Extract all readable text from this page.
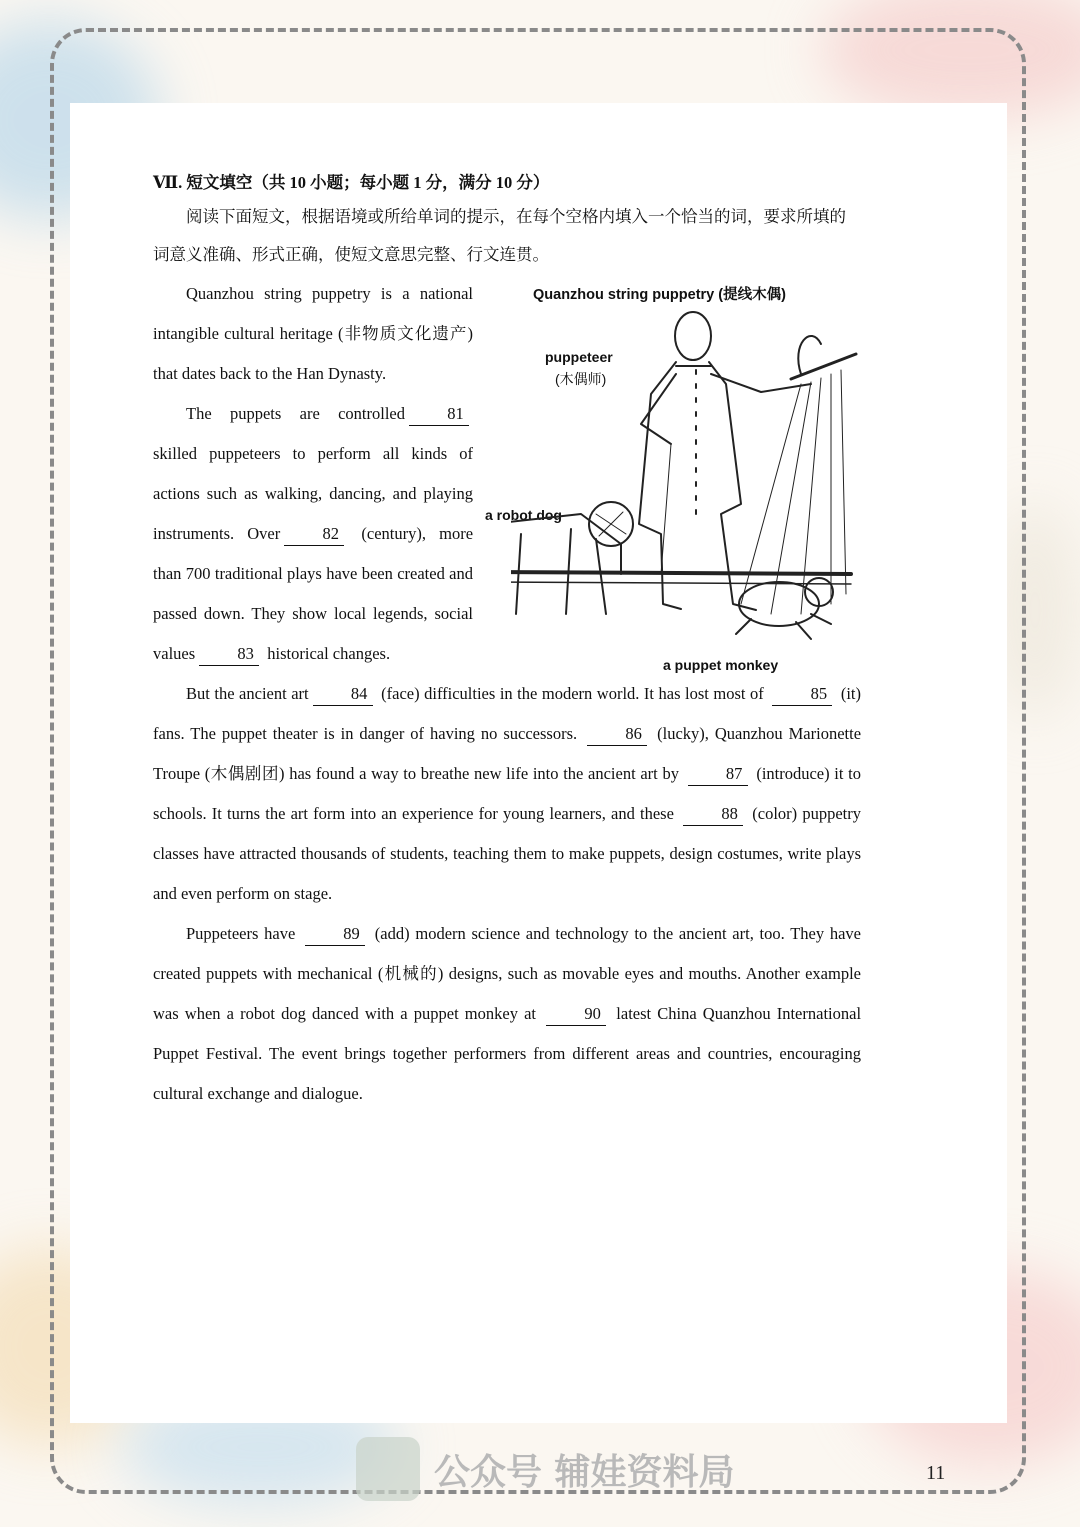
Ⅶ. 短文填空（共 10 小题；每小题 1 分，满分 10 分）

阅读下面短文，根据语境或所给单词的提示，在每个空格内填入一个恰当的词，要求所填的词意义准确、形式正确，使短文意思完整、行文连贯。

Quanzhou string puppetry (提线木偶)
puppeteer
(木偶师)
a robot dog
a puppet monkey

Quanzhou string puppetry is a national intangible cultural heritage (非物质文化遗产) that dates back to the Han Dynasty.

The puppets are controlled	81 skilled puppeteers to perform all kinds of actions such as walking, dancing, and playing instruments. Over	82 (century), more than 700 traditional plays have been created and passed down. They show local legends, social values	83 historical changes.

But the ancient art	84 (face) difficulties in the modern world. It has lost most of	85 (it) fans. The puppet theater is in danger of having no successors.	86 (lucky), Quanzhou Marionette Troupe (木偶剧团) has found a way to breathe new life into the ancient art by	87 (introduce) it to schools. It turns the art form into an experience for young learners, and these	88 (color) puppetry classes have attracted thousands of students, teaching them to make puppets, design costumes, write plays and even perform on stage.

Puppeteers have	89 (add) modern science and technology to the ancient art, too. They have created puppets with mechanical (机械的) designs, such as movable eyes and mouths. Another example was when a robot dog danced with a puppet monkey at	90 latest China Quanzhou International Puppet Festival. The event brings together performers from different areas and countries, encouraging cultural exchange and dialogue.

公众号 辅娃资料局	11
